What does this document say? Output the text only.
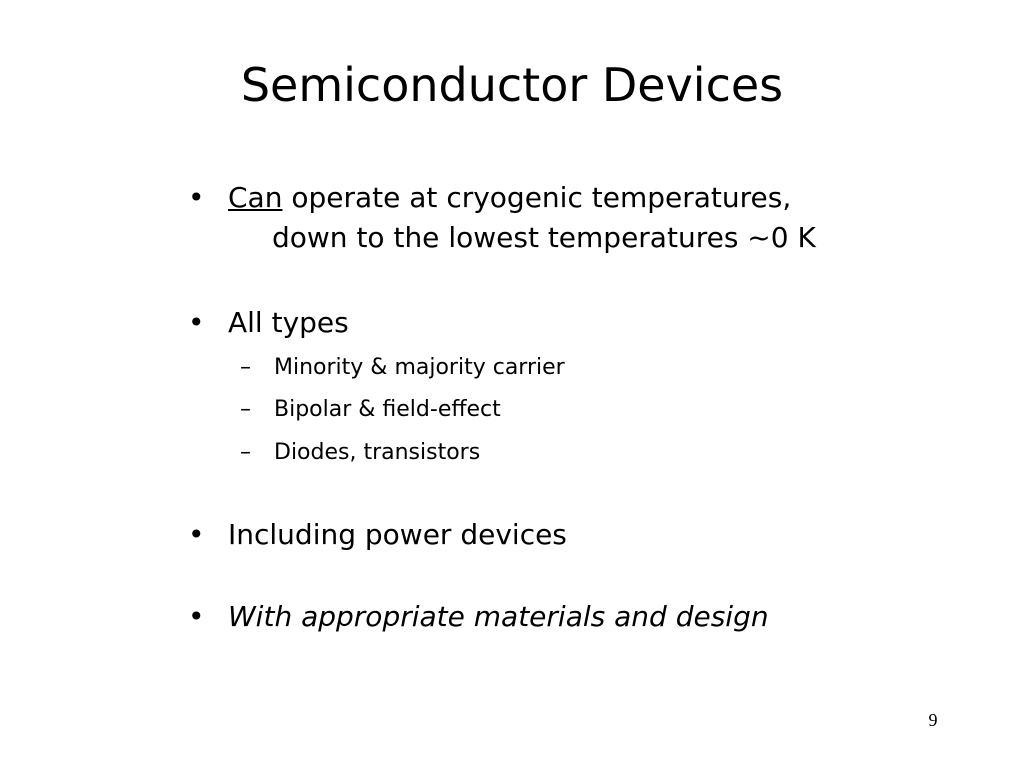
Semiconductor Devices
• Can operate at cryogenic temperatures,
down to the lowest temperatures ~0 K
• All types
– Minority & majority carrier
– Bipolar & field-effect
– Diodes, transistors
• Including power devices
• With appropriate materials and design
9
